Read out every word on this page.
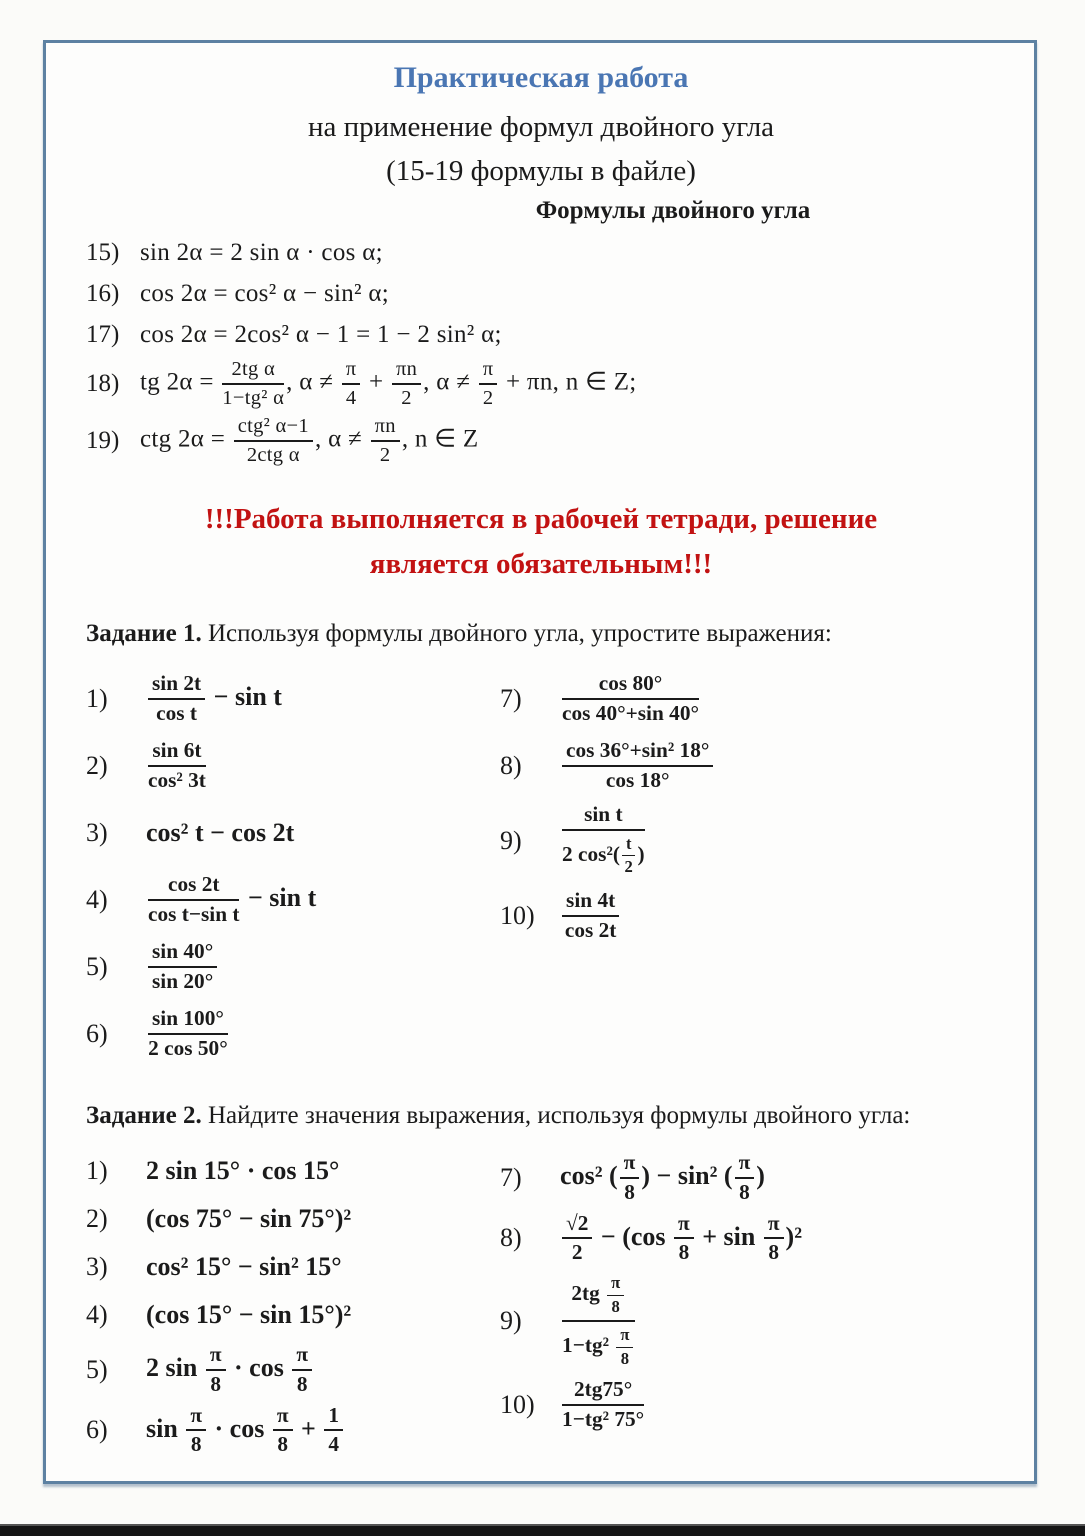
Практическая работа
на применение формул двойного угла
(15-19 формулы в файле)
Формулы двойного угла
15) sin 2α = 2 sin α · cos α;
16) cos 2α = cos² α − sin² α;
17) cos 2α = 2cos² α − 1 = 1 − 2 sin² α;
18) tg $2\alpha = \frac{\text{2tg α}}{\text{1−tg² α}}$ , $\alpha \ne \frac{\pi}{4} + \frac{\pi n}{2}$ , $\alpha \ne \frac{\pi}{2} + \pi n$, n ∈ Z;
19) ctg $2\alpha = \frac{\text{ctg² α−1}}{\text{2ctg α}}$ , $\alpha \ne \frac{\pi n}{2}$ , n ∈ Z
!!!Работа выполняется в рабочей тетради, решение
является обязательным!!!
Задание 1. Используя формулы двойного угла, упростите выражения:
1)	$\frac{\sin 2t}{\text{cos t}} - \sin t$
2)	$\frac{\sin 6t}{\text{cos² 3t}}$
3)	cos² t − cos 2t
4)	$\frac{\cos 2t}{\text{cos t−sin t}} - \sin t$
5)	$\frac{\sin 40^\circ}{\sin 20^\circ}$
6)	$\frac{\sin 100^\circ}{2 \cos 50^\circ}$
7)	$\frac{\cos 80^\circ}{\cos 40^\circ+\sin 40^\circ}$
8)	$\frac{\text{cos 36°+sin² 18°}}{\cos 18^\circ}$
9)	$\frac{\text{sin t}}{2 \cos^2( \frac{t}{2} )}$
10)	$\frac{\sin 4t}{\cos 2t}$
Задание 2. Найдите значения выражения, используя формулы двойного угла:
1)	2 sin 15° · cos 15°
2)	(cos 75° − sin 75°)²
3)	cos² 15° − sin² 15°
4)	(cos 15° − sin 15°)²
5)	2 $\sin \frac{\pi}{8} \cdot \cos \frac{\pi}{8}$
6)	$\sin \frac{\pi}{8} \cdot \cos \frac{\pi}{8} + \frac{1}{4}$
7)	cos² ( $\frac{\pi}{8}$ ) − sin² ( $\frac{\pi}{8}$ )
8)	$\frac{√2}{2} - (\cos \frac{\pi}{8} + \sin \frac{\pi}{8} )^2$
9)	$\frac{2tg \frac{\pi}{8}}{1-tg^2 \frac{\pi}{8}}$
10)	$\frac{2tg75^\circ}{\text{1−tg² 75°}}$
